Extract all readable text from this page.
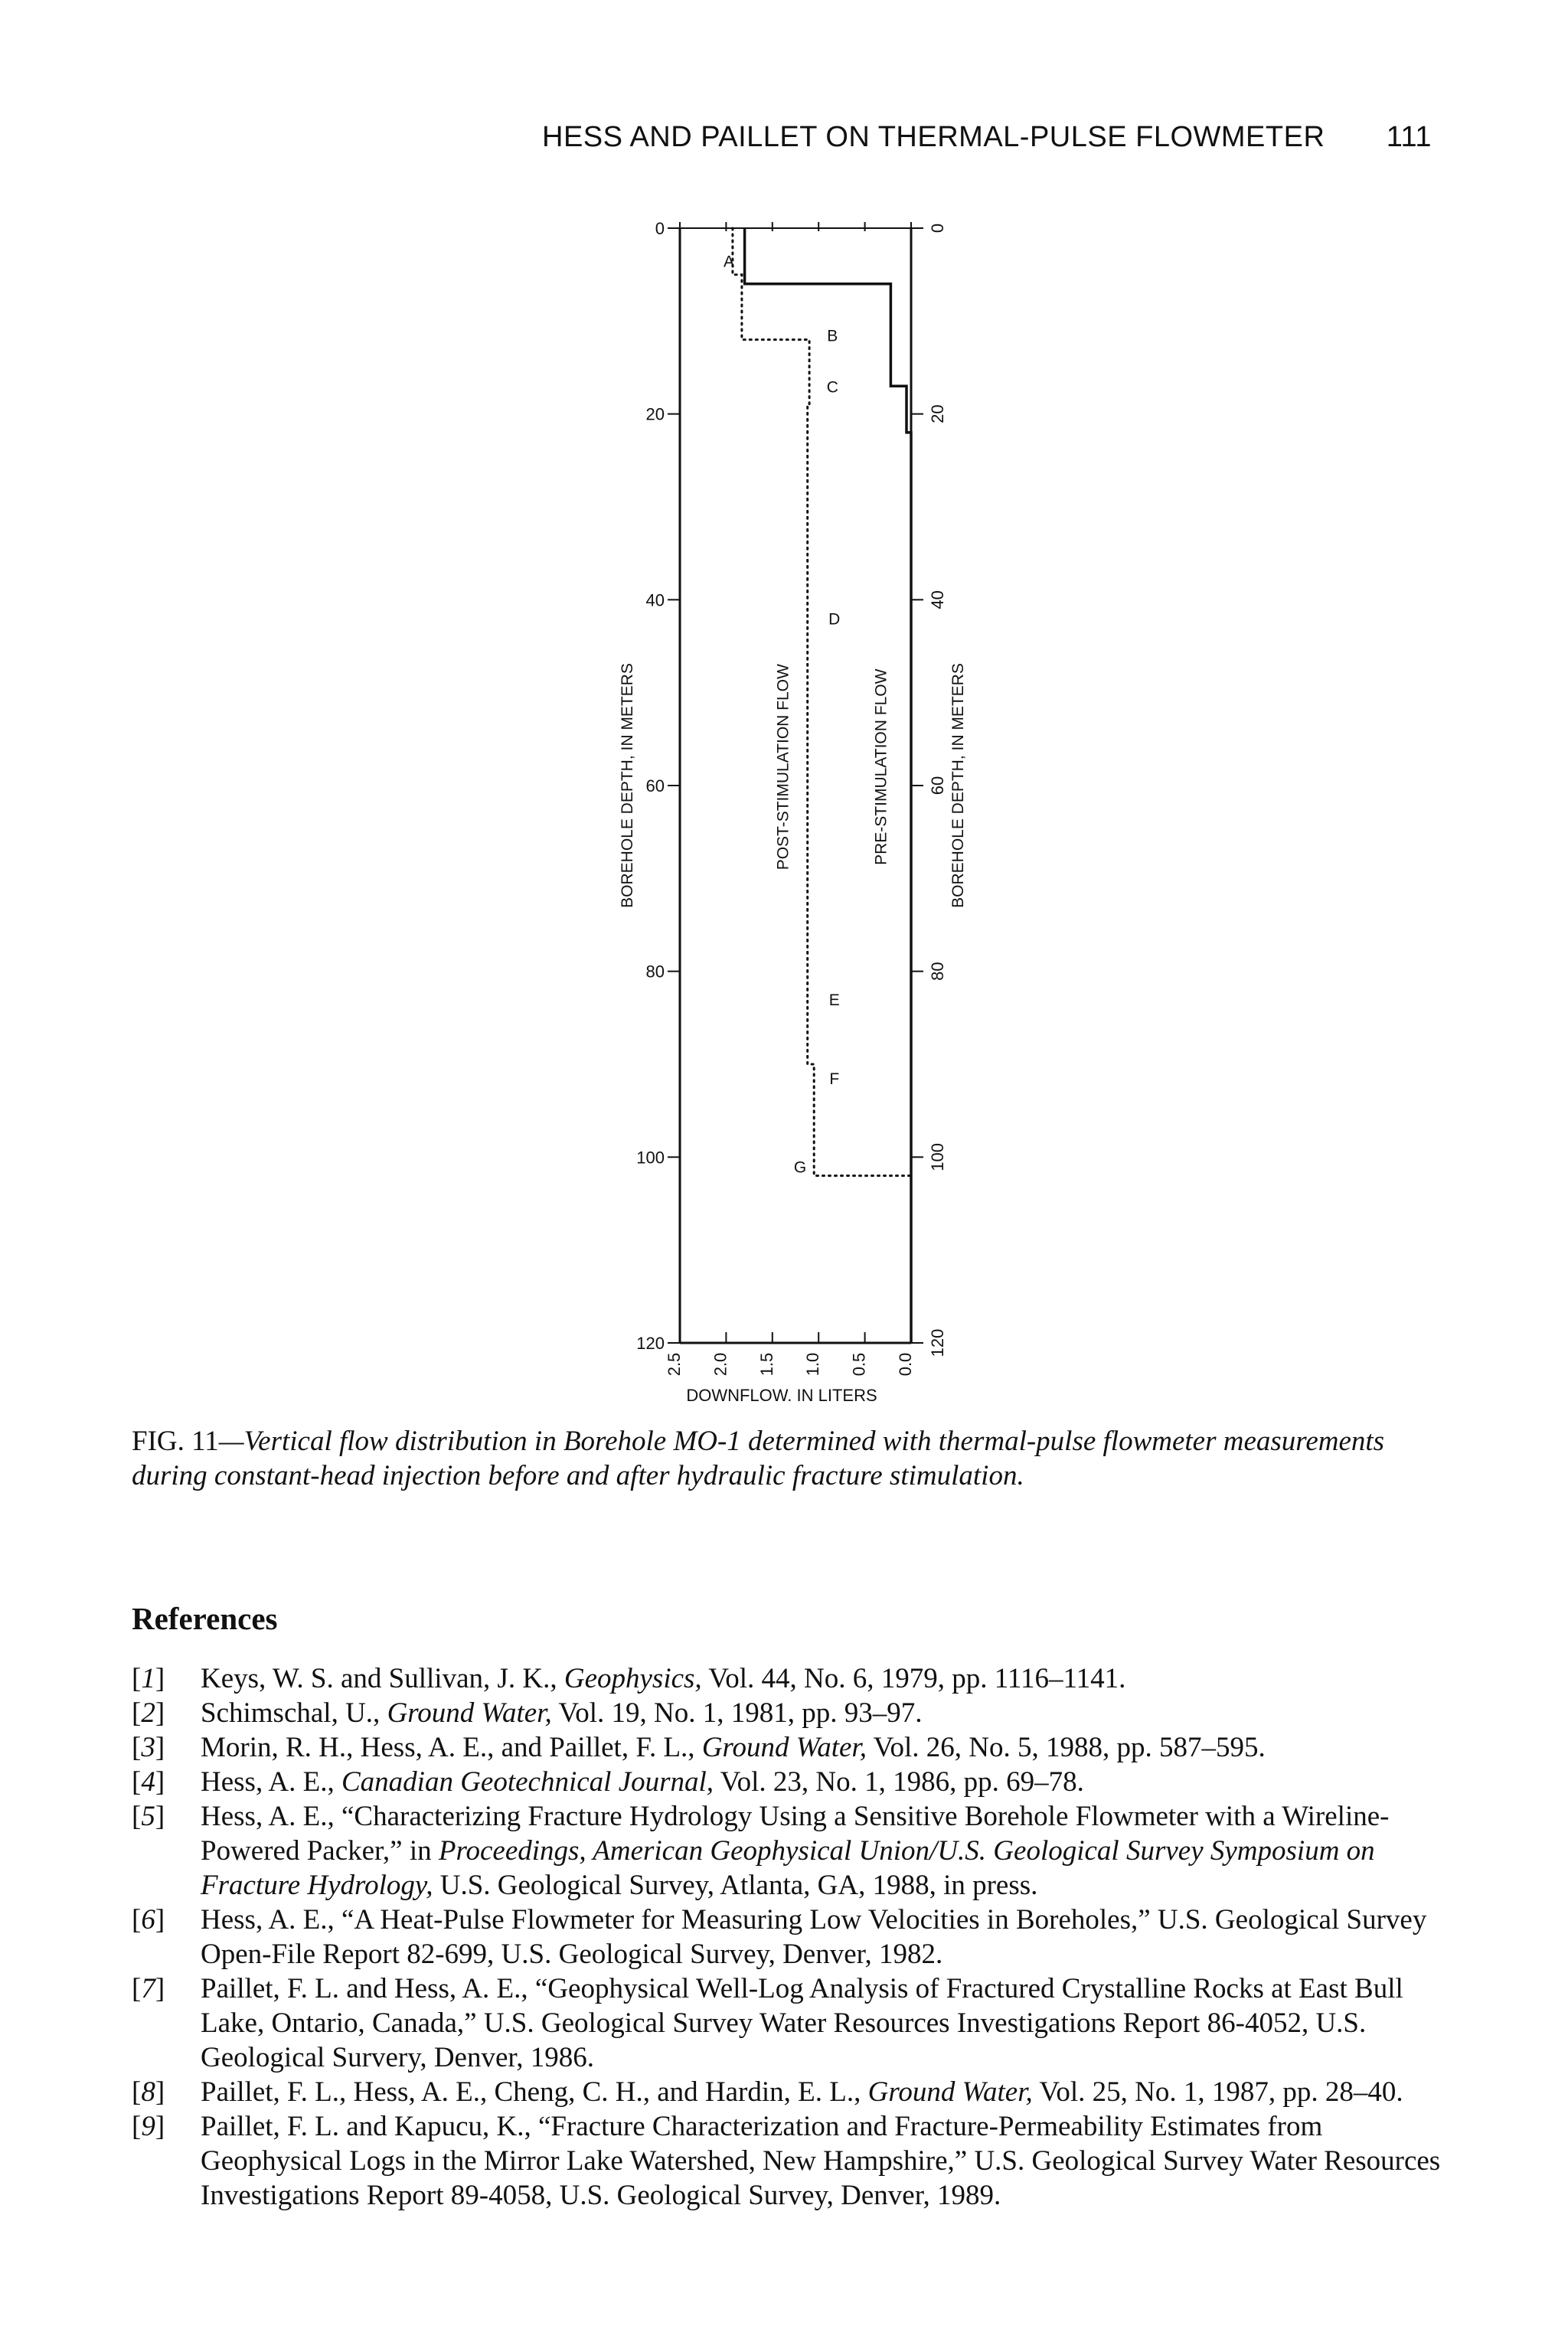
HESS AND PAILLET ON THERMAL-PULSE FLOWMETER 111
0
20
40
60
80
100
120
0
20
40
60
80
100
120
2.5 2.0 1.5 1.0 0.5 0.0
DOWNFLOW, IN LITERS
BOREHOLE DEPTH, IN METERS	BOREHOLE DEPTH, IN METERS
POST-STIMULATION FLOW	PRE-STIMULATION FLOW
A
B
C
D
E
F
G
FIG. 11—Vertical flow distribution in Borehole MO-1 determined with thermal-pulse flowmeter measurements during constant-head injection before and after hydraulic fracture stimulation.
References
[1] Keys, W. S. and Sullivan, J. K., Geophysics, Vol. 44, No. 6, 1979, pp. 1116–1141.
[2] Schimschal, U., Ground Water, Vol. 19, No. 1, 1981, pp. 93–97.
[3] Morin, R. H., Hess, A. E., and Paillet, F. L., Ground Water, Vol. 26, No. 5, 1988, pp. 587–595.
[4] Hess, A. E., Canadian Geotechnical Journal, Vol. 23, No. 1, 1986, pp. 69–78.
[5] Hess, A. E., “Characterizing Fracture Hydrology Using a Sensitive Borehole Flowmeter with a Wireline-Powered Packer,” in Proceedings, American Geophysical Union/U.S. Geological Survey Symposium on Fracture Hydrology, U.S. Geological Survey, Atlanta, GA, 1988, in press.
[6] Hess, A. E., “A Heat-Pulse Flowmeter for Measuring Low Velocities in Boreholes,” U.S. Geological Survey Open-File Report 82-699, U.S. Geological Survey, Denver, 1982.
[7] Paillet, F. L. and Hess, A. E., “Geophysical Well-Log Analysis of Fractured Crystalline Rocks at East Bull Lake, Ontario, Canada,” U.S. Geological Survey Water Resources Investigations Report 86-4052, U.S. Geological Survery, Denver, 1986.
[8] Paillet, F. L., Hess, A. E., Cheng, C. H., and Hardin, E. L., Ground Water, Vol. 25, No. 1, 1987, pp. 28–40.
[9] Paillet, F. L. and Kapucu, K., “Fracture Characterization and Fracture-Permeability Estimates from Geophysical Logs in the Mirror Lake Watershed, New Hampshire,” U.S. Geological Survey Water Resources Investigations Report 89-4058, U.S. Geological Survey, Denver, 1989.
